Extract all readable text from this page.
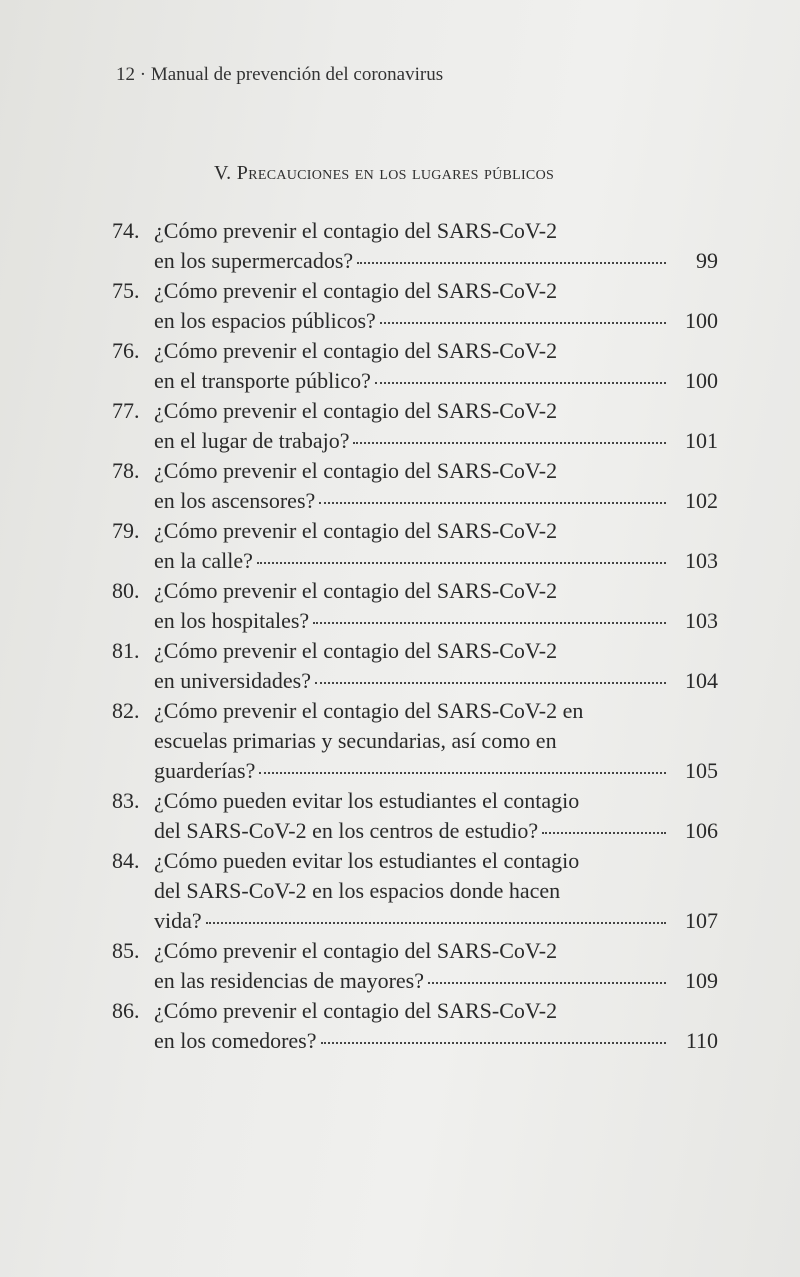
12 · Manual de prevención del coronavirus
V. Precauciones en los lugares públicos
74. ¿Cómo prevenir el contagio del SARS-CoV-2
en los supermercados?	99
75. ¿Cómo prevenir el contagio del SARS-CoV-2
en los espacios públicos?	100
76. ¿Cómo prevenir el contagio del SARS-CoV-2
en el transporte público?	100
77. ¿Cómo prevenir el contagio del SARS-CoV-2
en el lugar de trabajo?	101
78. ¿Cómo prevenir el contagio del SARS-CoV-2
en los ascensores?	102
79. ¿Cómo prevenir el contagio del SARS-CoV-2
en la calle?	103
80. ¿Cómo prevenir el contagio del SARS-CoV-2
en los hospitales?	103
81. ¿Cómo prevenir el contagio del SARS-CoV-2
en universidades?	104
82. ¿Cómo prevenir el contagio del SARS-CoV-2 en
escuelas primarias y secundarias, así como en
guarderías?	105
83. ¿Cómo pueden evitar los estudiantes el contagio
del SARS-CoV-2 en los centros de estudio?	106
84. ¿Cómo pueden evitar los estudiantes el contagio
del SARS-CoV-2 en los espacios donde hacen
vida?	107
85. ¿Cómo prevenir el contagio del SARS-CoV-2
en las residencias de mayores?	109
86. ¿Cómo prevenir el contagio del SARS-CoV-2
en los comedores?	110
